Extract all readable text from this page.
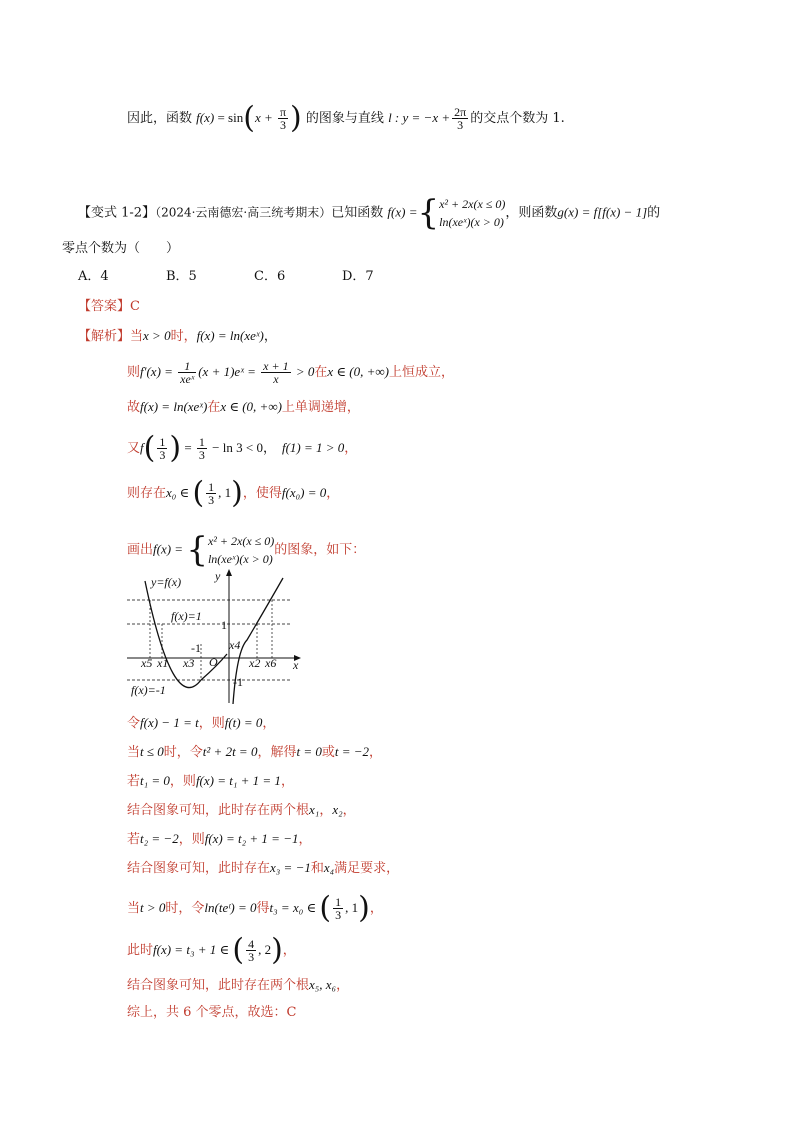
因此，函数 $f(x) = \sin(x + \frac{\pi}{3}$ ) 的图象与直线 l : $y = -x + \frac{2\pi}{3}$ 的交点个数为 1.
【变式 1-2】（2024·云南德宏·高三统考期末）已知函数 f(x) ={ x² + 2x(x ≤ 0)
ln(xeˣ)(x > 0)
，则函数g(x) = f[f(x) − 1]的
零点个数为（　　）
A．4	B．5	C．6	D．7
【答案】C
【解析】当x > 0时，f(x) = ln(xeˣ)，
则$f'(x) = \frac{1}{\text{xeˣ}} (x$ + 1)eˣ = $\frac{x + 1}{x} > 0$在x ∈ (0, +∞)上恒成立，
故f(x) = ln(xeˣ)在x ∈ (0, +∞)上单调递增，
又$f( \frac{1}{3}$ ) = $\frac{1}{3} - \ln 3 < 0$， f(1) = 1 > 0，
则存在x₀ ∈ ( $\frac{1}{3}$ , 1)，使得f(x₀) = 0，
画出f(x) = { x² + 2x(x ≤ 0)
ln(xeˣ)(x > 0)
的图象，如下：
y=f(x)
f(x)=1
f(x)=-1
y
x
O
-1
1
-1
x5 x1 x3
x4
x2 x6
令f(x) − 1 = t，则f(t) = 0，
当t ≤ 0时，令t² + 2t = 0，解得t = 0或t = −2，
若t₁ = 0，则f(x) = t₁ + 1 = 1，
结合图象可知，此时存在两个根x₁，x₂，
若t₂ = −2，则f(x) = t₂ + 1 = −1，
结合图象可知，此时存在x₃ = −1和x₄满足要求，
当t > 0时，令ln(teᵗ) = 0得t₃ = x₀ ∈ ( $\frac{1}{3}$ , 1)，
此时f(x) = t₃ + 1 ∈ ( $\frac{4}{3}$ , 2)，
结合图象可知，此时存在两个根x₅, x₆，
综上，共 6 个零点，故选：C
